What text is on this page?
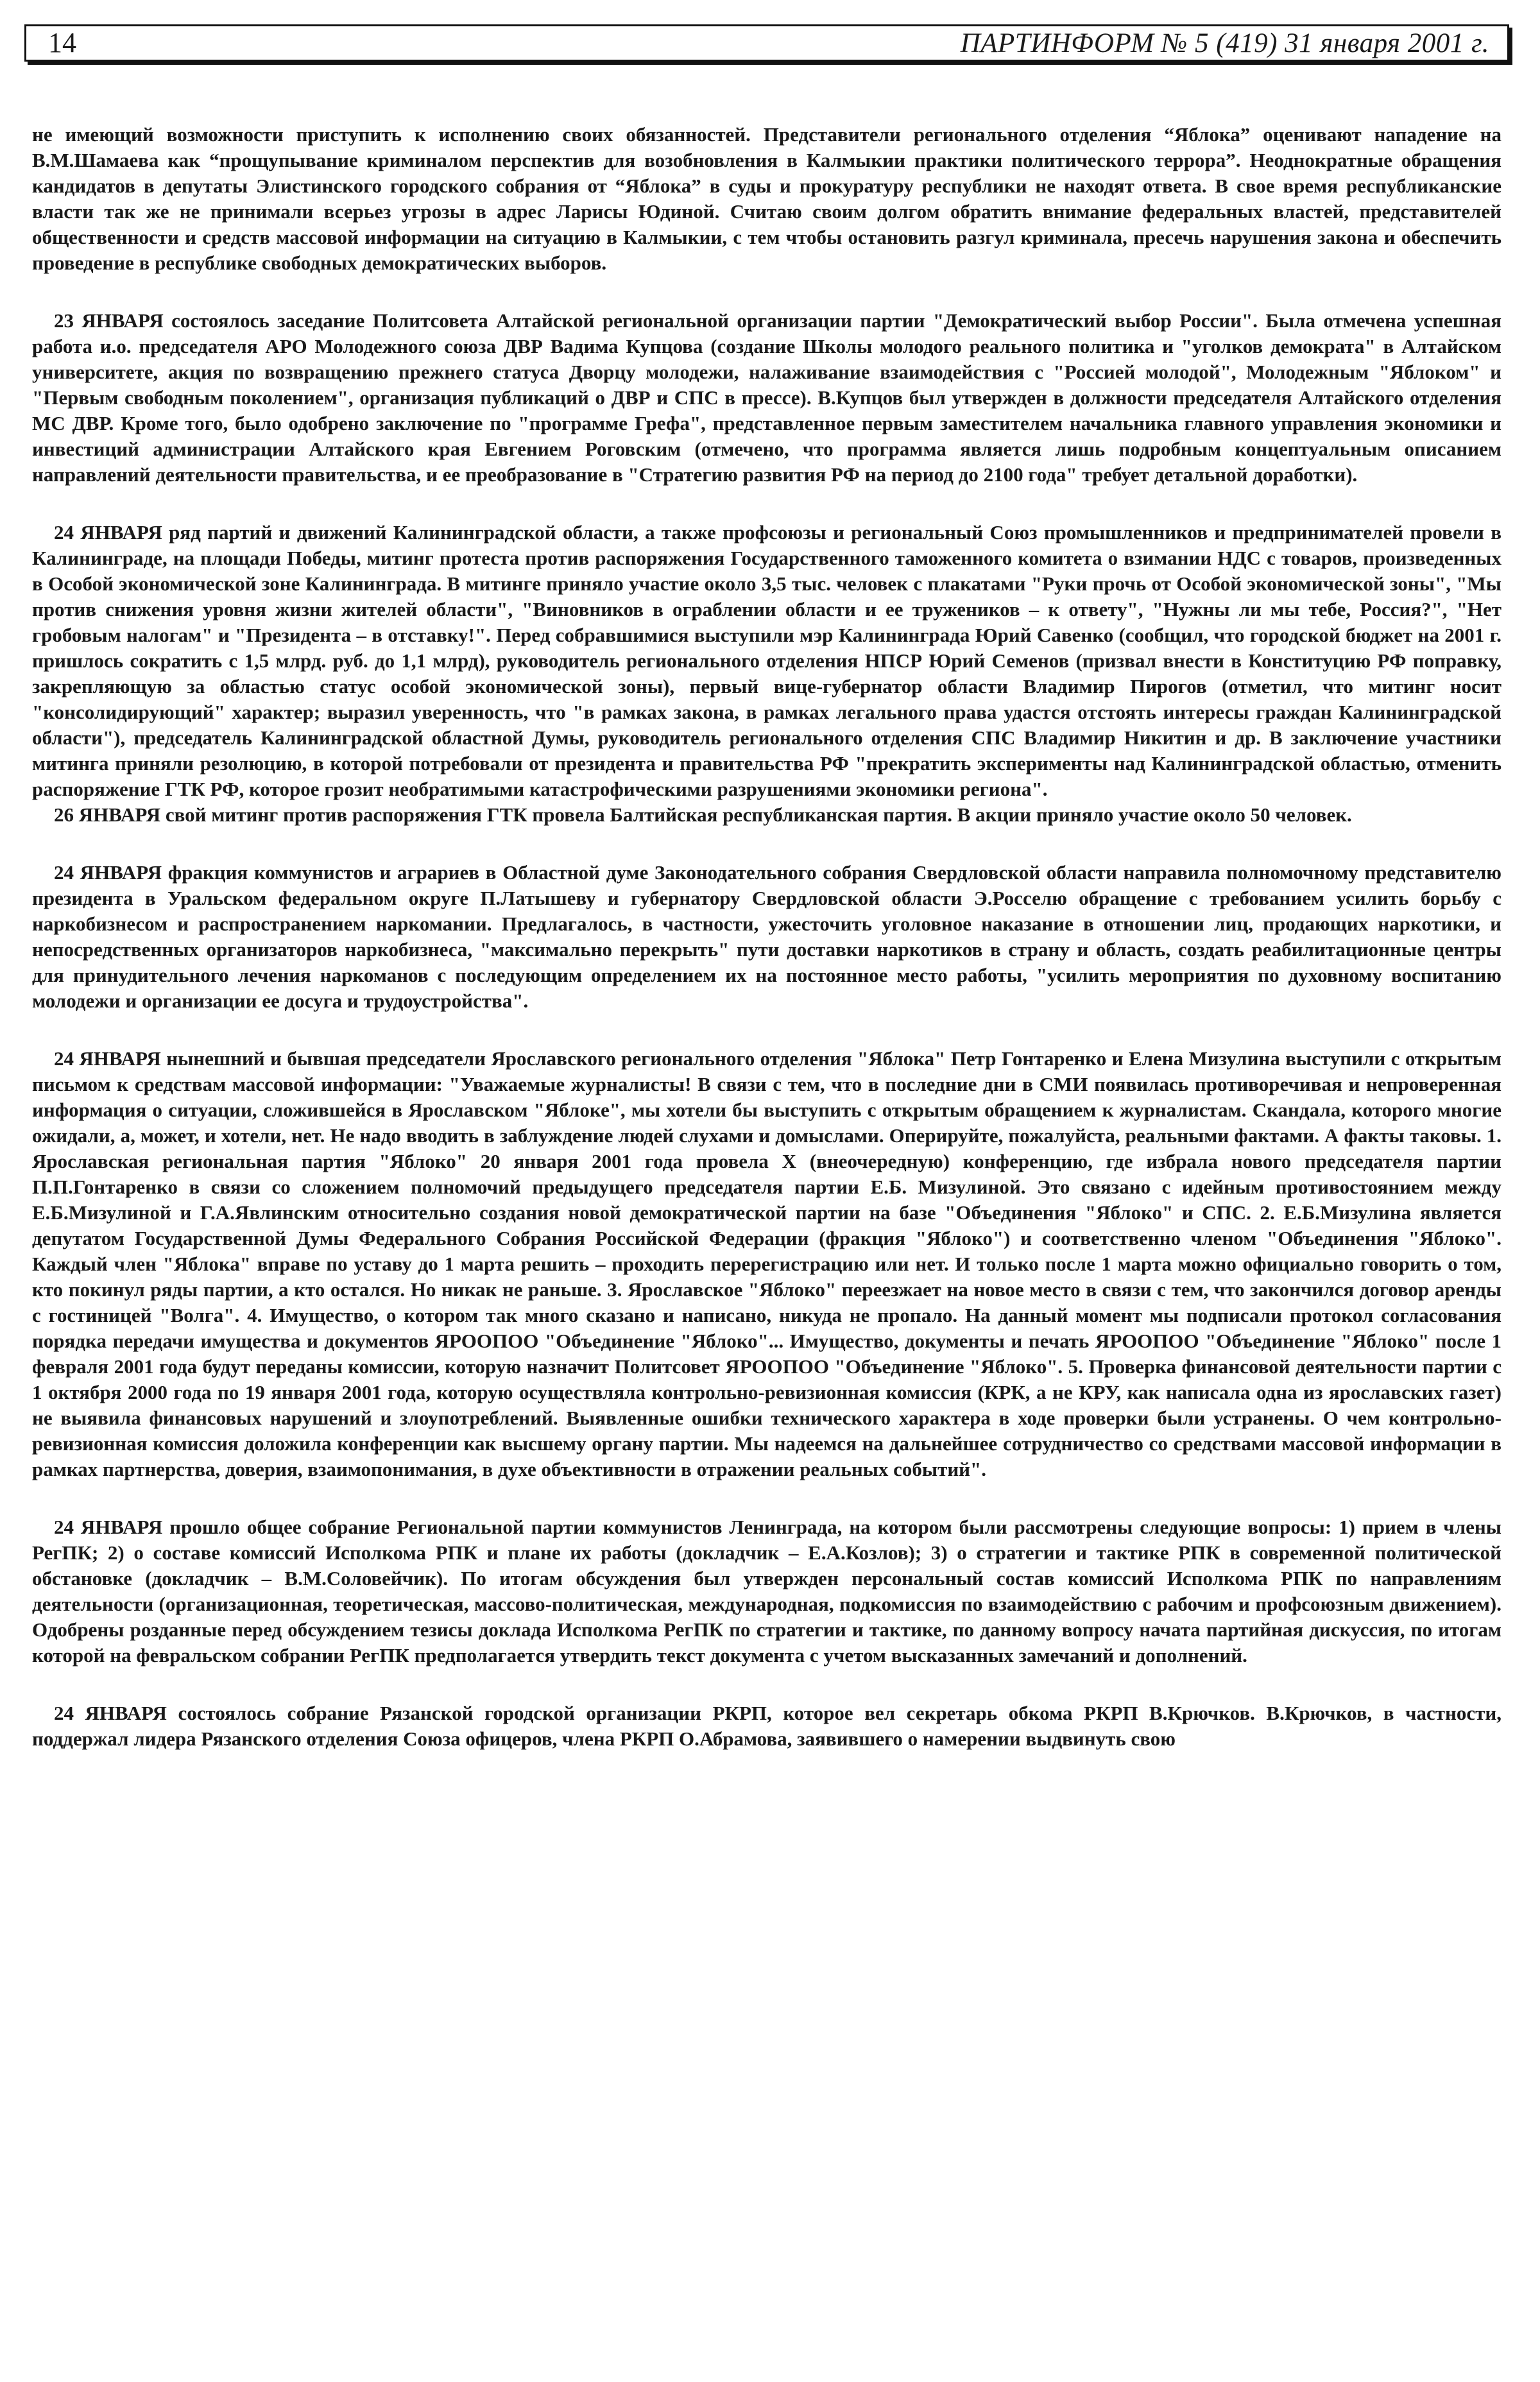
14	ПАРТИНФОРМ № 5 (419) 31 января 2001 г.

не имеющий возможности приступить к исполнению своих обязанностей. Представители регионального отделения “Яблока” оценивают нападение на В.М.Шамаева как “прощупывание криминалом перспектив для возобновления в Калмыкии практики политического террора”. Неоднократные обращения кандидатов в депутаты Элистинского городского собрания от “Яблока” в суды и прокуратуру республики не находят ответа. В свое время республиканские власти так же не принимали всерьез угрозы в адрес Ларисы Юдиной. Считаю своим долгом обратить внимание федеральных властей, представителей общественности и средств массовой информации на ситуацию в Калмыкии, с тем чтобы остановить разгул криминала, пресечь нарушения закона и обеспечить проведение в республике свободных демократических выборов.

23 ЯНВАРЯ состоялось заседание Политсовета Алтайской региональной организации партии "Демократический выбор России". Была отмечена успешная работа и.о. председателя АРО Молодежного союза ДВР Вадима Купцова (создание Школы молодого реального политика и "уголков демократа" в Алтайском университете, акция по возвращению прежнего статуса Дворцу молодежи, налаживание взаимодействия с "Россией молодой", Молодежным "Яблоком" и "Первым свободным поколением", организация публикаций о ДВР и СПС в прессе). В.Купцов был утвержден в должности председателя Алтайского отделения МС ДВР. Кроме того, было одобрено заключение по "программе Грефа", представленное первым заместителем начальника главного управления экономики и инвестиций администрации Алтайского края Евгением Роговским (отмечено, что программа является лишь подробным концептуальным описанием направлений деятельности правительства, и ее преобразование в "Стратегию развития РФ на период до 2100 года" требует детальной доработки).

24 ЯНВАРЯ ряд партий и движений Калининградской области, а также профсоюзы и региональный Союз промышленников и предпринимателей провели в Калининграде, на площади Победы, митинг протеста против распоряжения Государственного таможенного комитета о взимании НДС с товаров, произведенных в Особой экономической зоне Калининграда. В митинге приняло участие около 3,5 тыс. человек с плакатами "Руки прочь от Особой экономической зоны", "Мы против снижения уровня жизни жителей области", "Виновников в ограблении области и ее тружеников – к ответу", "Нужны ли мы тебе, Россия?", "Нет гробовым налогам" и "Президента – в отставку!". Перед собравшимися выступили мэр Калининграда Юрий Савенко (сообщил, что городской бюджет на 2001 г. пришлось сократить с 1,5 млрд. руб. до 1,1 млрд), руководитель регионального отделения НПСР Юрий Семенов (призвал внести в Конституцию РФ поправку, закрепляющую за областью статус особой экономической зоны), первый вице-губернатор области Владимир Пирогов (отметил, что митинг носит "консолидирующий" характер; выразил уверенность, что "в рамках закона, в рамках легального права удастся отстоять интересы граждан Калининградской области"), председатель Калининградской областной Думы, руководитель регионального отделения СПС Владимир Никитин и др. В заключение участники митинга приняли резолюцию, в которой потребовали от президента и правительства РФ "прекратить эксперименты над Калининградской областью, отменить распоряжение ГТК РФ, которое грозит необратимыми катастрофическими разрушениями экономики региона".

26 ЯНВАРЯ свой митинг против распоряжения ГТК провела Балтийская республиканская партия. В акции приняло участие около 50 человек.

24 ЯНВАРЯ фракция коммунистов и аграриев в Областной думе Законодательного собрания Свердловской области направила полномочному представителю президента в Уральском федеральном округе П.Латышеву и губернатору Свердловской области Э.Росселю обращение с требованием усилить борьбу с наркобизнесом и распространением наркомании. Предлагалось, в частности, ужесточить уголовное наказание в отношении лиц, продающих наркотики, и непосредственных организаторов наркобизнеса, "максимально перекрыть" пути доставки наркотиков в страну и область, создать реабилитационные центры для принудительного лечения наркоманов с последующим определением их на постоянное место работы, "усилить мероприятия по духовному воспитанию молодежи и организации ее досуга и трудоустройства".

24 ЯНВАРЯ нынешний и бывшая председатели Ярославского регионального отделения "Яблока" Петр Гонтаренко и Елена Мизулина выступили с открытым письмом к средствам массовой информации: "Уважаемые журналисты! В связи с тем, что в последние дни в СМИ появилась противоречивая и непроверенная информация о ситуации, сложившейся в Ярославском "Яблоке", мы хотели бы выступить с открытым обращением к журналистам. Скандала, которого многие ожидали, а, может, и хотели, нет. Не надо вводить в заблуждение людей слухами и домыслами. Оперируйте, пожалуйста, реальными фактами. А факты таковы. 1. Ярославская региональная партия "Яблоко" 20 января 2001 года провела X (внеочередную) конференцию, где избрала нового председателя партии П.П.Гонтаренко в связи со сложением полномочий предыдущего председателя партии Е.Б. Мизулиной. Это связано с идейным противостоянием между Е.Б.Мизулиной и Г.А.Явлинским относительно создания новой демократической партии на базе "Объединения "Яблоко" и СПС. 2. Е.Б.Мизулина является депутатом Государственной Думы Федерального Собрания Российской Федерации (фракция "Яблоко") и соответственно членом "Объединения "Яблоко". Каждый член "Яблока" вправе по уставу до 1 марта решить – проходить перерегистрацию или нет. И только после 1 марта можно официально говорить о том, кто покинул ряды партии, а кто остался. Но никак не раньше. 3. Ярославское "Яблоко" переезжает на новое место в связи с тем, что закончился договор аренды с гостиницей "Волга". 4. Имущество, о котором так много сказано и написано, никуда не пропало. На данный момент мы подписали протокол согласования порядка передачи имущества и документов ЯРООПОО "Объединение "Яблоко"... Имущество, документы и печать ЯРООПОО "Объединение "Яблоко" после 1 февраля 2001 года будут переданы комиссии, которую назначит Политсовет ЯРООПОО "Объединение "Яблоко". 5. Проверка финансовой деятельности партии с 1 октября 2000 года по 19 января 2001 года, которую осуществляла контрольно-ревизионная комиссия (КРК, а не КРУ, как написала одна из ярославских газет) не выявила финансовых нарушений и злоупотреблений. Выявленные ошибки технического характера в ходе проверки были устранены. О чем контрольно-ревизионная комиссия доложила конференции как высшему органу партии. Мы надеемся на дальнейшее сотрудничество со средствами массовой информации в рамках партнерства, доверия, взаимопонимания, в духе объективности в отражении реальных событий".

24 ЯНВАРЯ прошло общее собрание Региональной партии коммунистов Ленинграда, на котором были рассмотрены следующие вопросы: 1) прием в члены РегПК; 2) о составе комиссий Исполкома РПК и плане их работы (докладчик – Е.А.Козлов); 3) о стратегии и тактике РПК в современной политической обстановке (докладчик – В.М.Соловейчик). По итогам обсуждения был утвержден персональный состав комиссий Исполкома РПК по направлениям деятельности (организационная, теоретическая, массово-политическая, международная, подкомиссия по взаимодействию с рабочим и профсоюзным движением). Одобрены розданные перед обсуждением тезисы доклада Исполкома РегПК по стратегии и тактике, по данному вопросу начата партийная дискуссия, по итогам которой на февральском собрании РегПК предполагается утвердить текст документа с учетом высказанных замечаний и дополнений.

24 ЯНВАРЯ состоялось собрание Рязанской городской организации РКРП, которое вел секретарь обкома РКРП В.Крючков. В.Крючков, в частности, поддержал лидера Рязанского отделения Союза офицеров, члена РКРП О.Абрамова, заявившего о намерении выдвинуть свою
